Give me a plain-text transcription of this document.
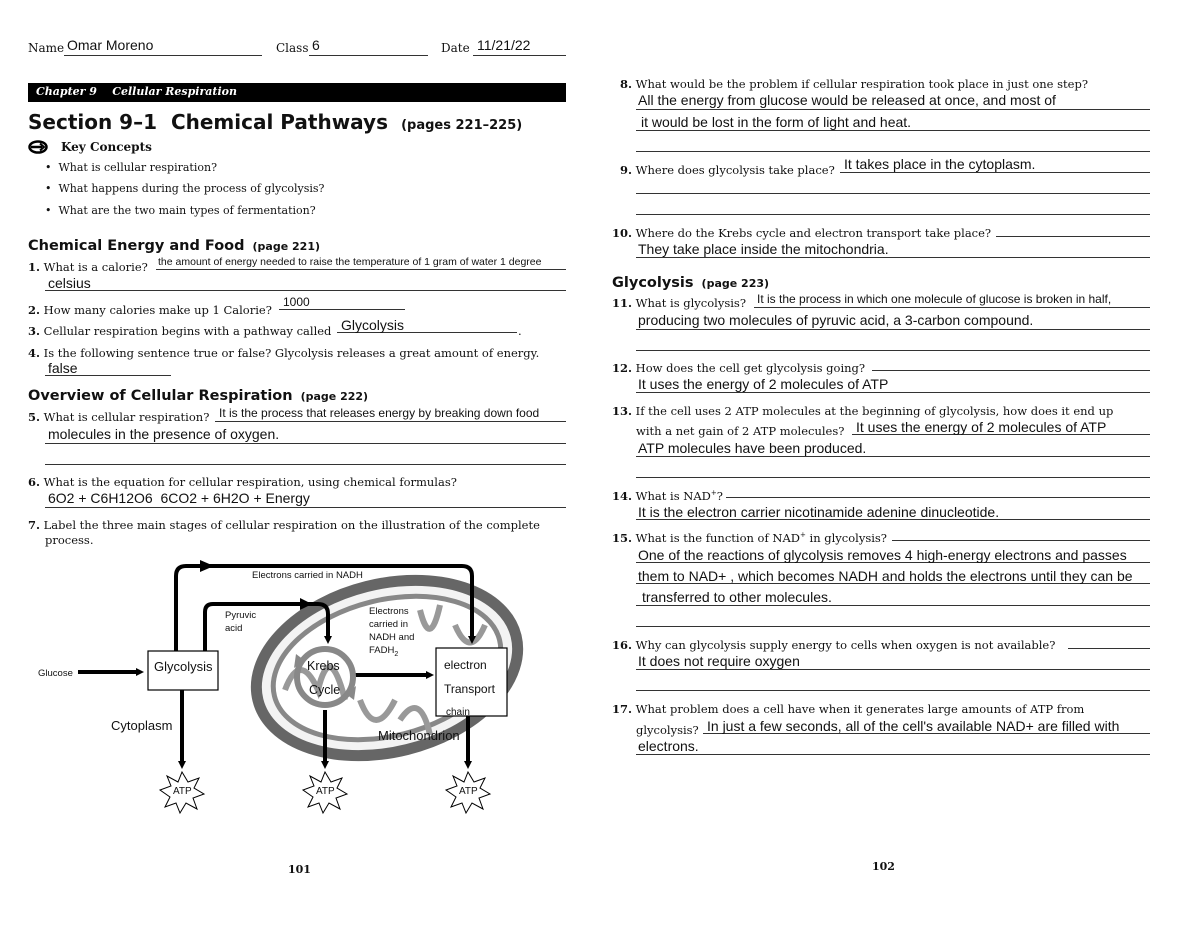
Name Omar Moreno	Class 6	Date 11/21/22
Chapter 9    Cellular Respiration
Section 9–1  Chemical Pathways (pages 221–225)
Key Concepts
•  What is cellular respiration?
•  What happens during the process of glycolysis?
•  What are the two main types of fermentation?
Chemical Energy and Food (page 221)
1. What is a calorie? the amount of energy needed to raise the temperature of 1 gram of water 1 degree
celsius
2. How many calories make up 1 Calorie?
1000
3. Cellular respiration begins with a pathway called Glycolysis	.
4. Is the following sentence true or false? Glycolysis releases a great amount of energy.
false
Overview of Cellular Respiration (page 222)
5. What is cellular respiration? It is the process that releases energy by breaking down food
molecules in the presence of oxygen.
6. What is the equation for cellular respiration, using chemical formulas?
6O2 + C6H12O6  6CO2 + 6H2O + Energy
7. Label the three main stages of cellular respiration on the illustration of the complete
process.
Electrons carried in NADH
Pyruvic
acid
Electrons
carried in
NADH and
$FADH_2$
Glucose	Glycolysis	Krebs
Cycle
electron
Transport
chain
Cytoplasm
Mitochondrion
ATP	ATP	ATP
101
8. What would be the problem if cellular respiration took place in just one step?
All the energy from glucose would be released at once, and most of
it would be lost in the form of light and heat.
9. Where does glycolysis take place? It takes place in the cytoplasm.
10. Where do the Krebs cycle and electron transport take place?
They take place inside the mitochondria.
Glycolysis (page 223)
11. What is glycolysis? It is the process in which one molecule of glucose is broken in half,
producing two molecules of pyruvic acid, a 3-carbon compound.
12. How does the cell get glycolysis going?
It uses the energy of 2 molecules of ATP
13. If the cell uses 2 ATP molecules at the beginning of glycolysis, how does it end up
with a net gain of 2 ATP molecules? It uses the energy of 2 molecules of ATP
ATP molecules have been produced.
14. What is NAD+?
It is the electron carrier nicotinamide adenine dinucleotide.
15. What is the function of NAD+ in glycolysis?
One of the reactions of glycolysis removes 4 high-energy electrons and passes
them to NAD+ , which becomes NADH and holds the electrons until they can be
transferred to other molecules.
16. Why can glycolysis supply energy to cells when oxygen is not available?
It does not require oxygen
17. What problem does a cell have when it generates large amounts of ATP from
glycolysis? In just a few seconds, all of the cell's available NAD+ are filled with
electrons.
102
